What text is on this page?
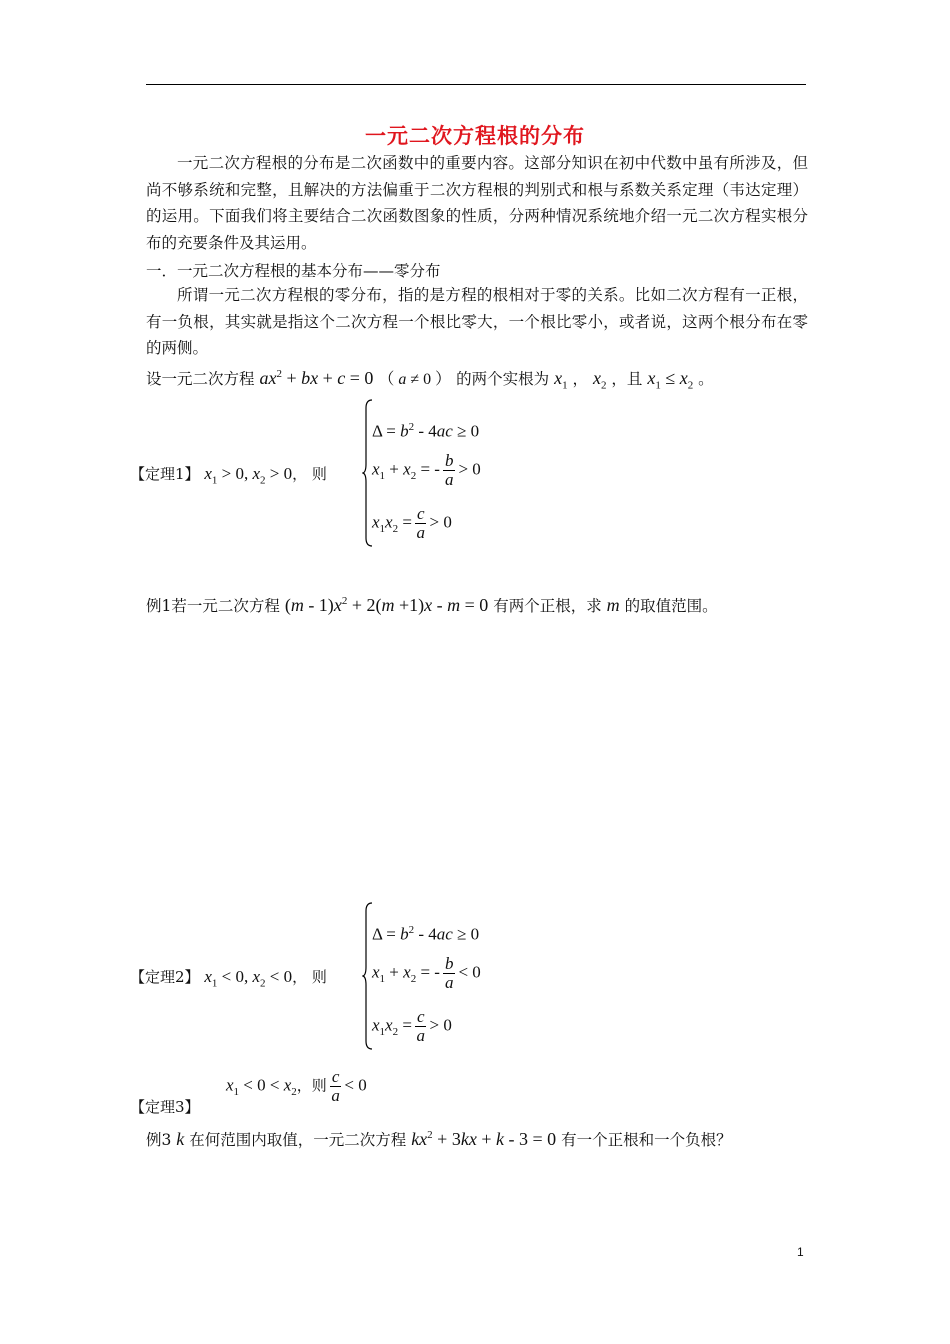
一元二次方程根的分布

一元二次方程根的分布是二次函数中的重要内容。这部分知识在初中代数中虽有所涉及，但尚不够系统和完整，且解决的方法偏重于二次方程根的判别式和根与系数关系定理（韦达定理）的运用。下面我们将主要结合二次函数图象的性质，分两种情况系统地介绍一元二次方程实根分布的充要条件及其运用。

一．一元二次方程根的基本分布——零分布

所谓一元二次方程根的零分布，指的是方程的根相对于零的关系。比如二次方程有一正根，有一负根，其实就是指这个二次方程一个根比零大，一个根比零小，或者说，这两个根分布在零的两侧。

设一元二次方程 $ax^2$ + bx + c = 0 （ a ≠ 0 ） 的两个实根为 $x_1$ ， $x_2$ ，且 $x_1 \le x_2$ 。
【定理1】 $x_1 > 0$, $x_2 > 0$， 则
$\Delta = b^2 - 4ac \ge 0$
$x_1 + x_2$ = - $\frac{b}{a} > 0$
$x_1x_2 = \frac{c}{a} > 0$
例1若一元二次方程 $(m - 1)x^2 + 2(m +1)x - m = 0$ 有两个正根，求 m 的取值范围。
【定理2】 $x_1 < 0$, $x_2 < 0$， 则
$\Delta = b^2 - 4ac \ge 0$
$x_1 + x_2$ = - $\frac{b}{a} < 0$
$x_1x_2 = \frac{c}{a} > 0$
【定理3】
$x_1 < 0 < x_2$，则 $\frac{c}{a} < 0$
例3 k 在何范围内取值，一元二次方程 $kx^2 + 3kx + k - 3 = 0$ 有一个正根和一个负根？
1
